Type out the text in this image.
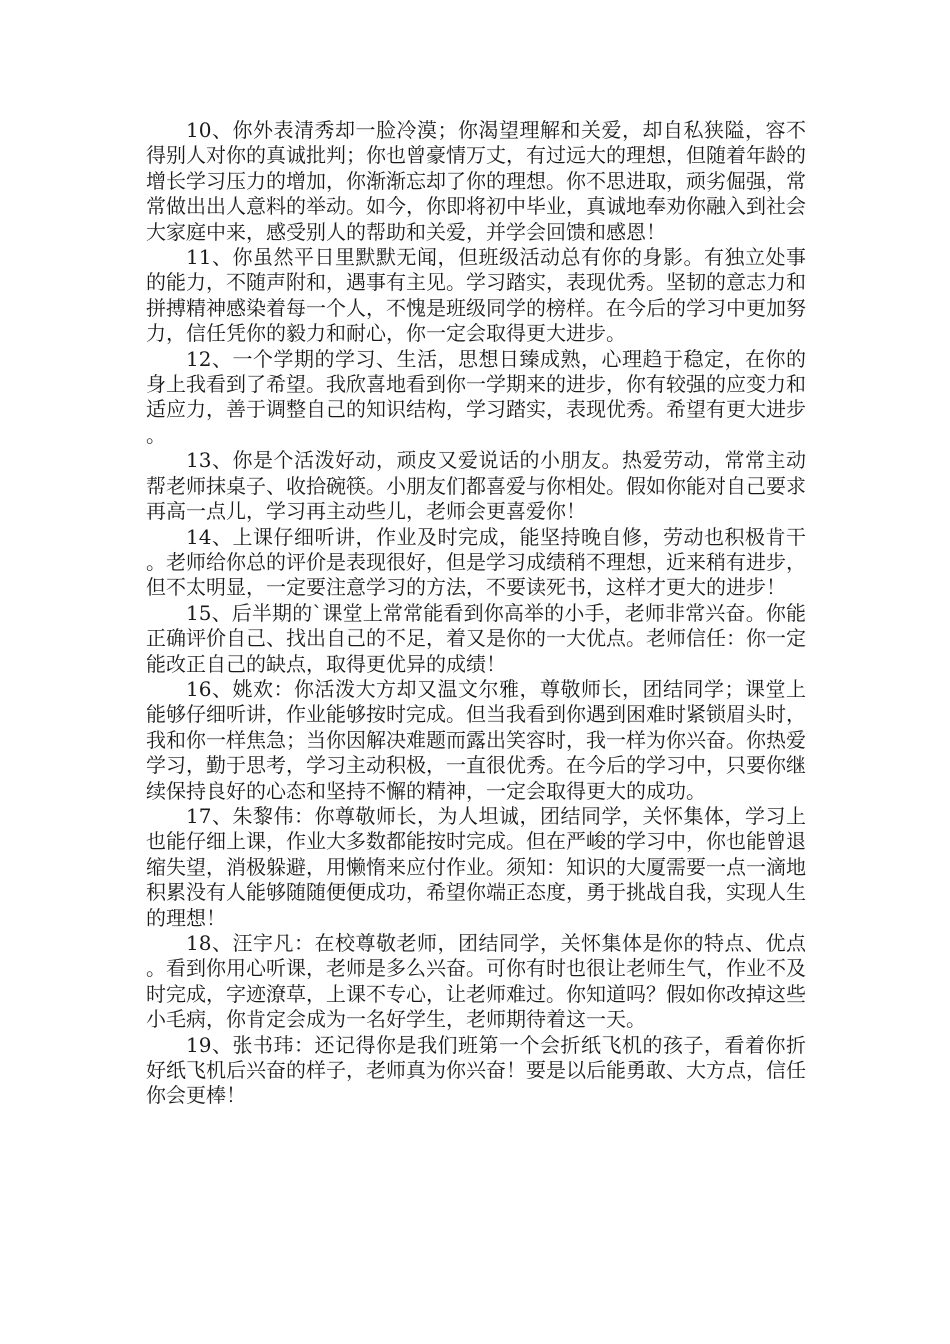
10、你外表清秀却一脸冷漠；你渴望理解和关爱，却自私狭隘，容不得别人对你的真诚批判；你也曾豪情万丈，有过远大的理想，但随着年龄的增长学习压力的增加，你渐渐忘却了你的理想。你不思进取，顽劣倔强，常常做出出人意料的举动。如今，你即将初中毕业，真诚地奉劝你融入到社会大家庭中来，感受别人的帮助和关爱，并学会回馈和感恩！

11、你虽然平日里默默无闻，但班级活动总有你的身影。有独立处事的能力，不随声附和，遇事有主见。学习踏实，表现优秀。坚韧的意志力和拼搏精神感染着每一个人，不愧是班级同学的榜样。在今后的学习中更加努力，信任凭你的毅力和耐心，你一定会取得更大进步。

12、一个学期的学习、生活，思想日臻成熟，心理趋于稳定，在你的身上我看到了希望。我欣喜地看到你一学期来的进步，你有较强的应变力和适应力，善于调整自己的知识结构，学习踏实，表现优秀。希望有更大进步。

13、你是个活泼好动，顽皮又爱说话的小朋友。热爱劳动，常常主动帮老师抹桌子、收拾碗筷。小朋友们都喜爱与你相处。假如你能对自己要求再高一点儿，学习再主动些儿，老师会更喜爱你！

14、上课仔细听讲，作业及时完成，能坚持晚自修，劳动也积极肯干。老师给你总的评价是表现很好，但是学习成绩稍不理想，近来稍有进步，但不太明显，一定要注意学习的方法，不要读死书，这样才更大的进步！

15、后半期的`课堂上常常能看到你高举的小手，老师非常兴奋。你能正确评价自己、找出自己的不足，着又是你的一大优点。老师信任：你一定能改正自己的缺点，取得更优异的成绩！

16、姚欢：你活泼大方却又温文尔雅，尊敬师长，团结同学；课堂上能够仔细听讲，作业能够按时完成。但当我看到你遇到困难时紧锁眉头时，我和你一样焦急；当你因解决难题而露出笑容时，我一样为你兴奋。你热爱学习，勤于思考，学习主动积极，一直很优秀。在今后的学习中，只要你继续保持良好的心态和坚持不懈的精神，一定会取得更大的成功。

17、朱黎伟：你尊敬师长，为人坦诚，团结同学，关怀集体，学习上也能仔细上课，作业大多数都能按时完成。但在严峻的学习中，你也能曾退缩失望，消极躲避，用懒惰来应付作业。须知：知识的大厦需要一点一滴地积累没有人能够随随便便成功，希望你端正态度，勇于挑战自我，实现人生的理想！

18、汪宇凡：在校尊敬老师，团结同学，关怀集体是你的特点、优点。看到你用心听课，老师是多么兴奋。可你有时也很让老师生气，作业不及时完成，字迹潦草，上课不专心，让老师难过。你知道吗？假如你改掉这些小毛病，你肯定会成为一名好学生，老师期待着这一天。

19、张书玮：还记得你是我们班第一个会折纸飞机的孩子，看着你折好纸飞机后兴奋的样子，老师真为你兴奋！要是以后能勇敢、大方点，信任你会更棒！
